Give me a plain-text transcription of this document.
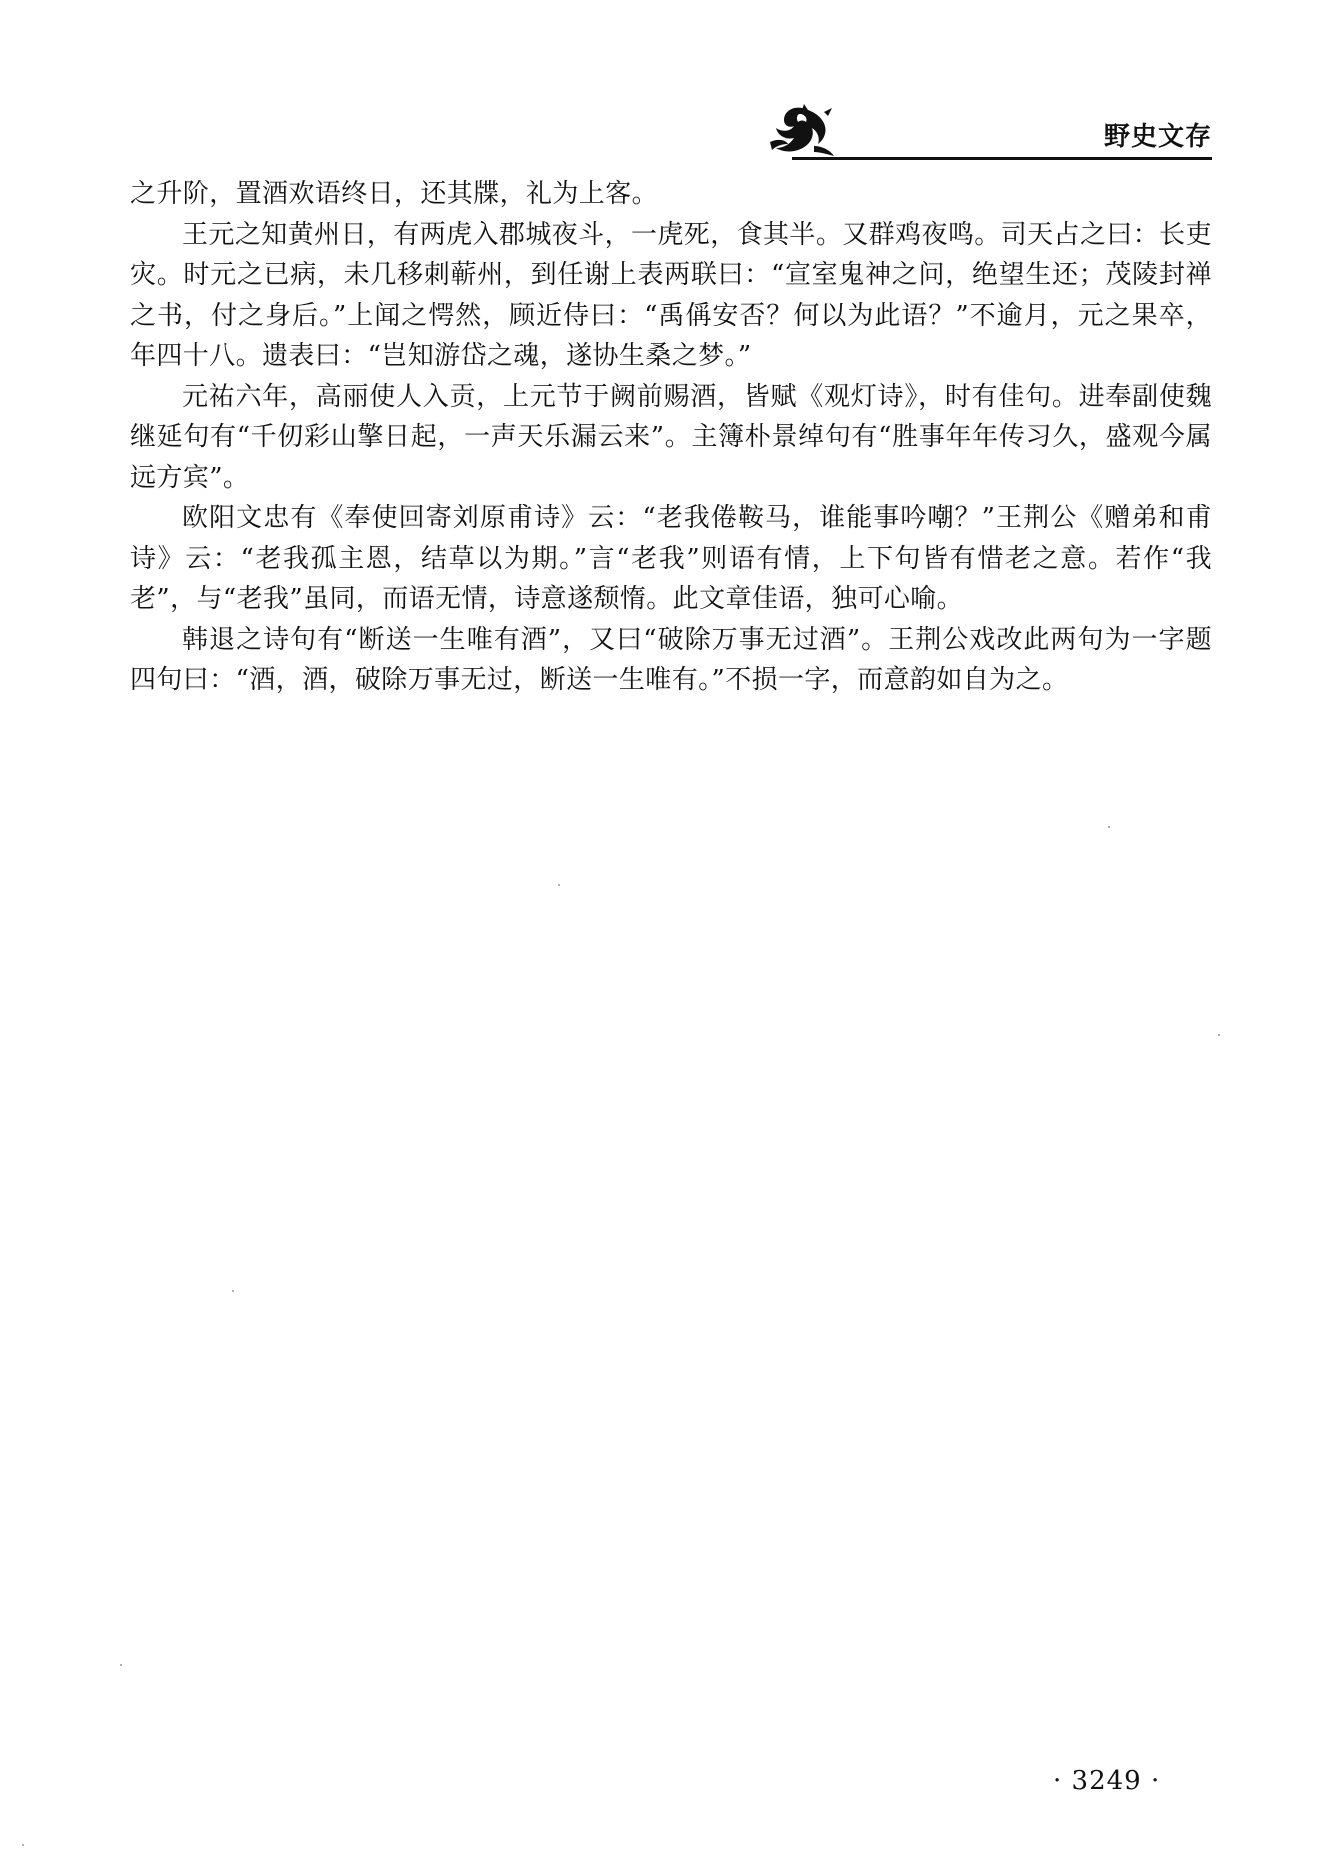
野史文存

之升阶，置酒欢语终日，还其牒，礼为上客。

王元之知黄州日，有两虎入郡城夜斗，一虎死，食其半。又群鸡夜鸣。司天占之曰：长吏灾。时元之已病，未几移刺蕲州，到任谢上表两联曰：“宣室鬼神之问，绝望生还；茂陵封禅之书，付之身后。”上闻之愕然，顾近侍曰：“禹偁安否？何以为此语？”不逾月，元之果卒，年四十八。遗表曰：“岂知游岱之魂，遂协生桑之梦。”

元祐六年，高丽使人入贡，上元节于阙前赐酒，皆赋《观灯诗》，时有佳句。进奉副使魏继延句有“千仞彩山擎日起，一声天乐漏云来”。主簿朴景绰句有“胜事年年传习久，盛观今属远方宾”。

欧阳文忠有《奉使回寄刘原甫诗》云：“老我倦鞍马，谁能事吟嘲？”王荆公《赠弟和甫诗》云：“老我孤主恩，结草以为期。”言“老我”则语有情，上下句皆有惜老之意。若作“我老”，与“老我”虽同，而语无情，诗意遂颓惰。此文章佳语，独可心喻。

韩退之诗句有“断送一生唯有酒”，又曰“破除万事无过酒”。王荆公戏改此两句为一字题四句曰：“酒，酒，破除万事无过，断送一生唯有。”不损一字，而意韵如自为之。

· 3249 ·
